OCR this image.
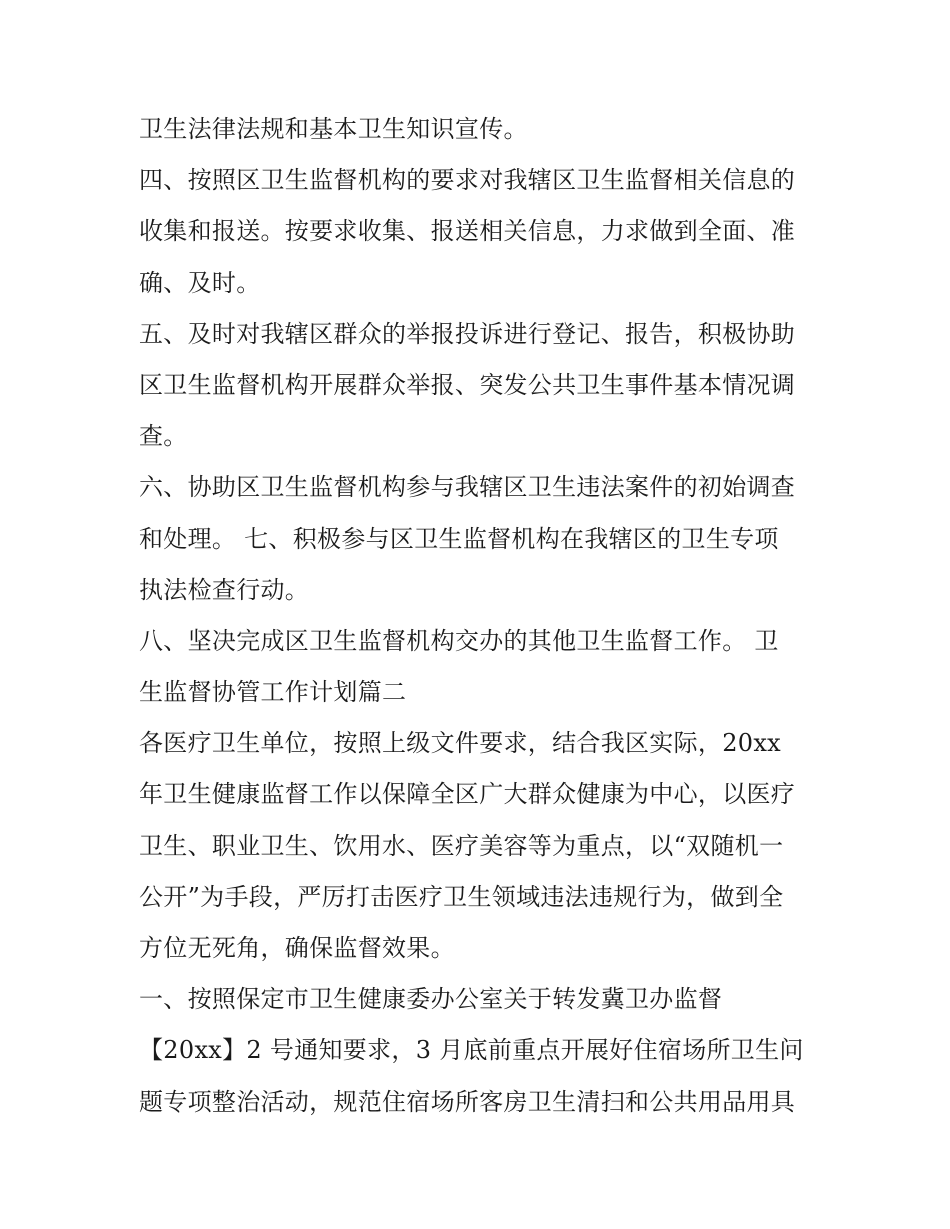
卫生法律法规和基本卫生知识宣传。
四、按照区卫生监督机构的要求对我辖区卫生监督相关信息的
收集和报送。按要求收集、报送相关信息，力求做到全面、准
确、及时。
五、及时对我辖区群众的举报投诉进行登记、报告，积极协助
区卫生监督机构开展群众举报、突发公共卫生事件基本情况调
查。
六、协助区卫生监督机构参与我辖区卫生违法案件的初始调查
和处理。 七、积极参与区卫生监督机构在我辖区的卫生专项
执法检查行动。
八、坚决完成区卫生监督机构交办的其他卫生监督工作。 卫
生监督协管工作计划篇二
各医疗卫生单位，按照上级文件要求，结合我区实际，20xx
年卫生健康监督工作以保障全区广大群众健康为中心，以医疗
卫生、职业卫生、饮用水、医疗美容等为重点，以“双随机一
公开”为手段，严厉打击医疗卫生领域违法违规行为，做到全
方位无死角，确保监督效果。
一、按照保定市卫生健康委办公室关于转发冀卫办监督
【20xx】2 号通知要求，3 月底前重点开展好住宿场所卫生问
题专项整治活动，规范住宿场所客房卫生清扫和公共用品用具
